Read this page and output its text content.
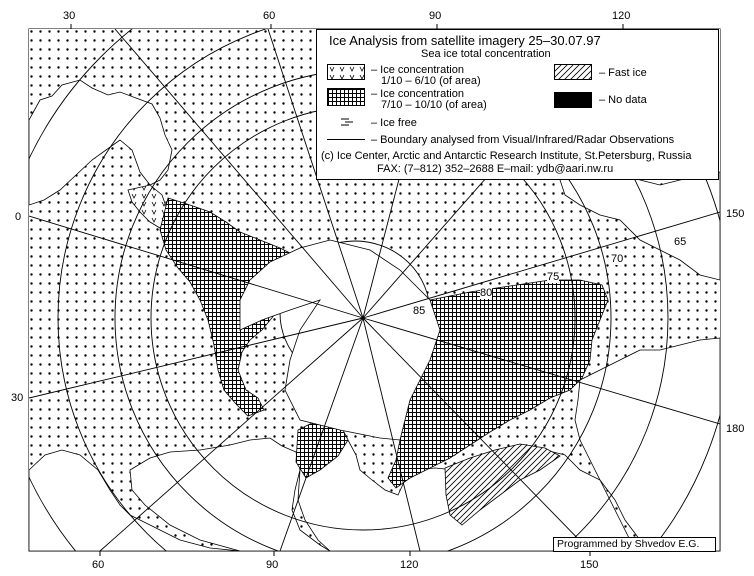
30	60	90	120
60	90	120	150
0
30
150
180
65
70
75
80
85
Ice Analysis from satellite imagery 25–30.07.97
Sea ice total concentration
– Ice concentration
1/10 – 6/10 (of area)
– Ice concentration
7/10 – 10/10 (of area)
– Fast ice
– No data
– Ice free
– Boundary analysed from Visual/Infrared/Radar Observations
(c) Ice Center, Arctic and Antarctic Research Institute, St.Petersburg, Russia
FAX: (7–812) 352–2688 E–mail: ydb@aari.nw.ru
Programmed by Shvedov E.G.
